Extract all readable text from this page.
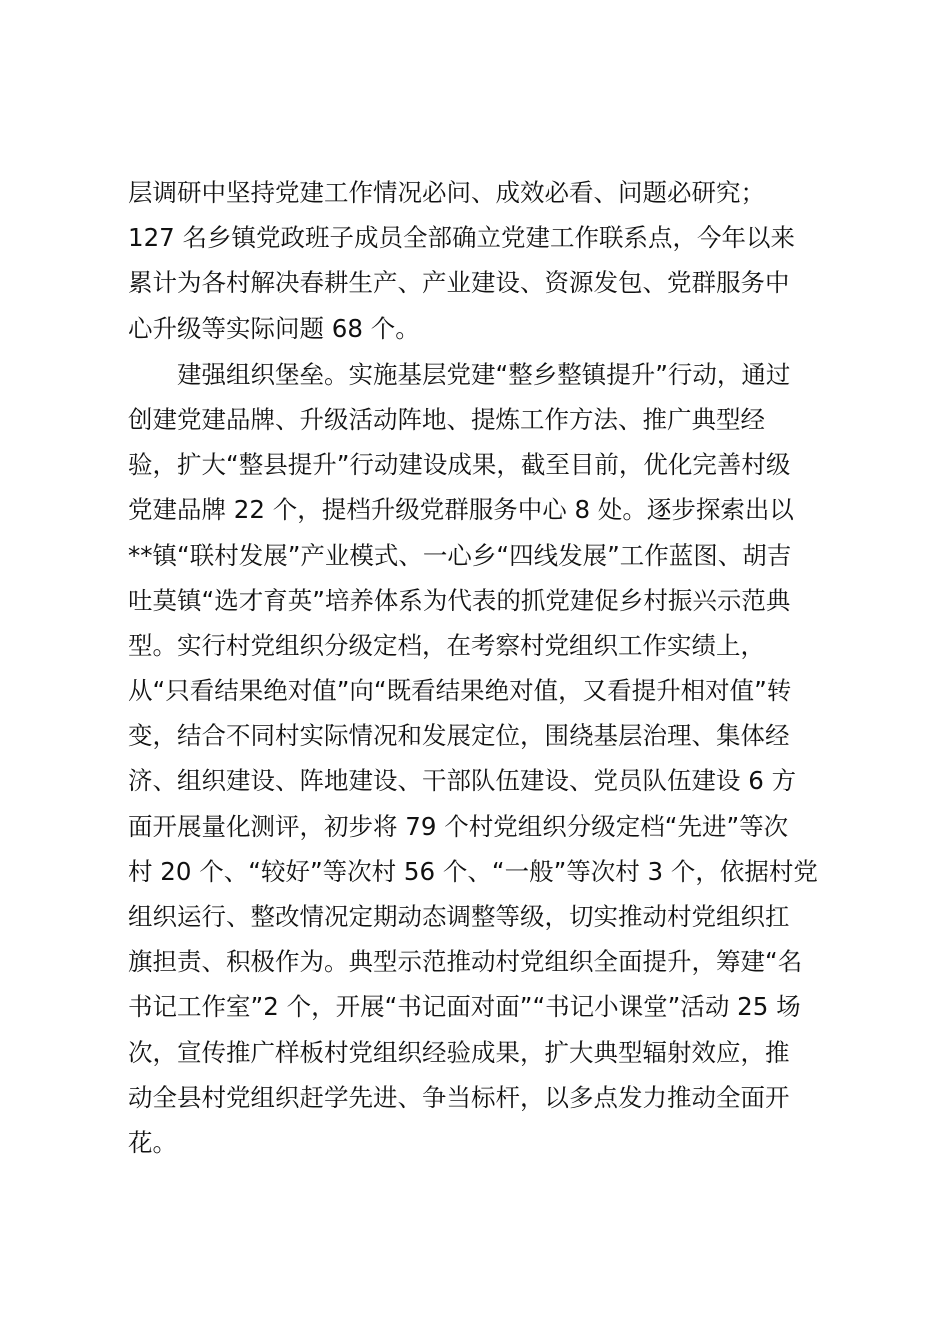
层调研中坚持党建工作情况必问、成效必看、问题必研究；
127 名乡镇党政班子成员全部确立党建工作联系点，今年以来
累计为各村解决春耕生产、产业建设、资源发包、党群服务中
心升级等实际问题 68 个。
　　建强组织堡垒。实施基层党建“整乡整镇提升”行动，通过
创建党建品牌、升级活动阵地、提炼工作方法、推广典型经
验，扩大“整县提升”行动建设成果，截至目前，优化完善村级
党建品牌 22 个，提档升级党群服务中心 8 处。逐步探索出以
**镇“联村发展”产业模式、一心乡“四线发展”工作蓝图、胡吉
吐莫镇“选才育英”培养体系为代表的抓党建促乡村振兴示范典
型。实行村党组织分级定档，在考察村党组织工作实绩上，
从“只看结果绝对值”向“既看结果绝对值，又看提升相对值”转
变，结合不同村实际情况和发展定位，围绕基层治理、集体经
济、组织建设、阵地建设、干部队伍建设、党员队伍建设 6 方
面开展量化测评，初步将 79 个村党组织分级定档“先进”等次
村 20 个、“较好”等次村 56 个、“一般”等次村 3 个，依据村党
组织运行、整改情况定期动态调整等级，切实推动村党组织扛
旗担责、积极作为。典型示范推动村党组织全面提升，筹建“名
书记工作室”2 个，开展“书记面对面”“书记小课堂”活动 25 场
次，宣传推广样板村党组织经验成果，扩大典型辐射效应，推
动全县村党组织赶学先进、争当标杆，以多点发力推动全面开
花。
